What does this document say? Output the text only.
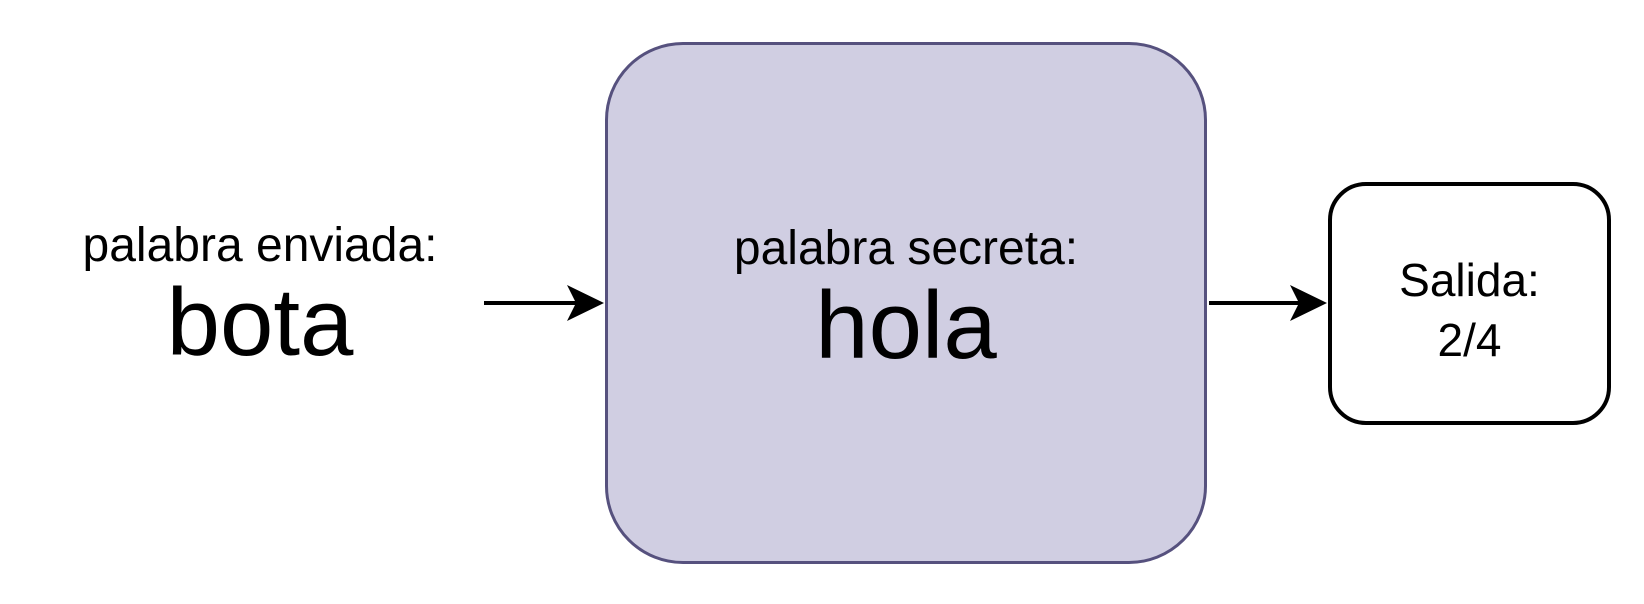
palabra enviada:
bota
palabra secreta:
hola	Salida:
2/4
